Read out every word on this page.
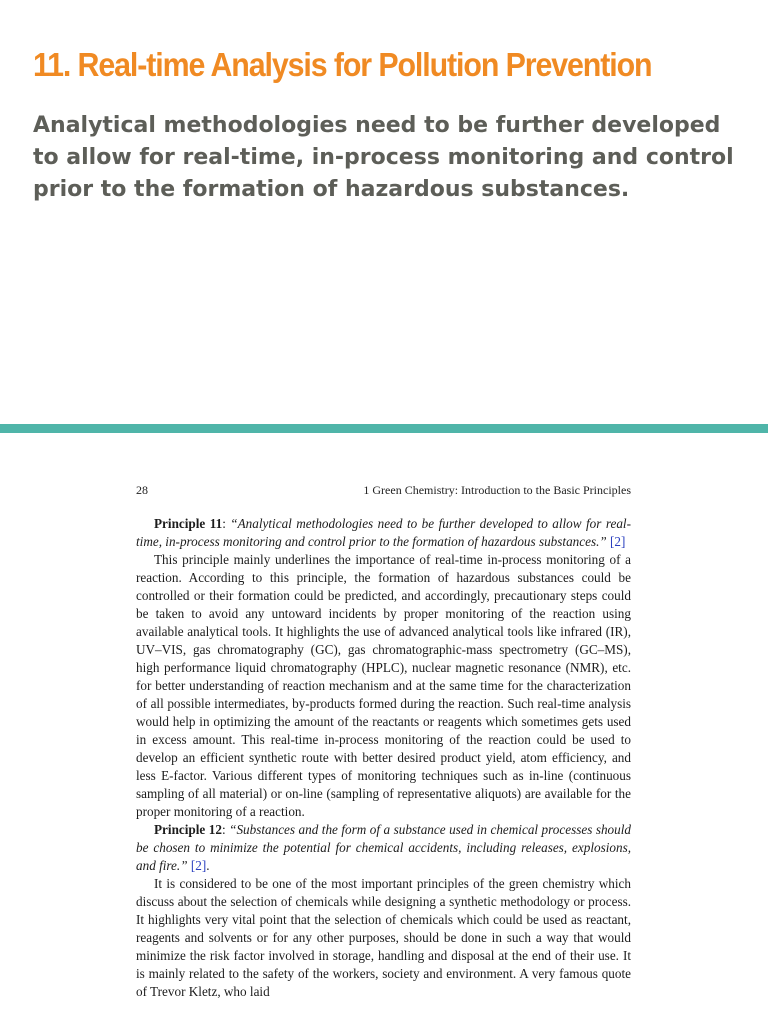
11. Real-time Analysis for Pollution Prevention

Analytical methodologies need to be further developed to allow for real-time, in-process monitoring and control prior to the formation of hazardous substances.

28	1 Green Chemistry: Introduction to the Basic Principles

Principle 11: “Analytical methodologies need to be further developed to allow for real-time, in-process monitoring and control prior to the formation of hazardous substances.” [2]

This principle mainly underlines the importance of real-time in-process monitoring of a reaction. According to this principle, the formation of hazardous substances could be controlled or their formation could be predicted, and accordingly, precautionary steps could be taken to avoid any untoward incidents by proper monitoring of the reaction using available analytical tools. It highlights the use of advanced analytical tools like infrared (IR), UV–VIS, gas chromatography (GC), gas chromatographic-mass spectrometry (GC–MS), high performance liquid chromatography (HPLC), nuclear magnetic resonance (NMR), etc. for better understanding of reaction mechanism and at the same time for the characterization of all possible intermediates, by-products formed during the reaction. Such real-time analysis would help in optimizing the amount of the reactants or reagents which sometimes gets used in excess amount. This real-time in-process monitoring of the reaction could be used to develop an efficient synthetic route with better desired product yield, atom efficiency, and less E-factor. Various different types of monitoring techniques such as in-line (continuous sampling of all material) or on-line (sampling of representative aliquots) are available for the proper monitoring of a reaction.

Principle 12: “Substances and the form of a substance used in chemical processes should be chosen to minimize the potential for chemical accidents, including releases, explosions, and fire.” [2].

It is considered to be one of the most important principles of the green chemistry which discuss about the selection of chemicals while designing a synthetic methodology or process. It highlights very vital point that the selection of chemicals which could be used as reactant, reagents and solvents or for any other purposes, should be done in such a way that would minimize the risk factor involved in storage, handling and disposal at the end of their use. It is mainly related to the safety of the workers, society and environment. A very famous quote of Trevor Kletz, who laid
